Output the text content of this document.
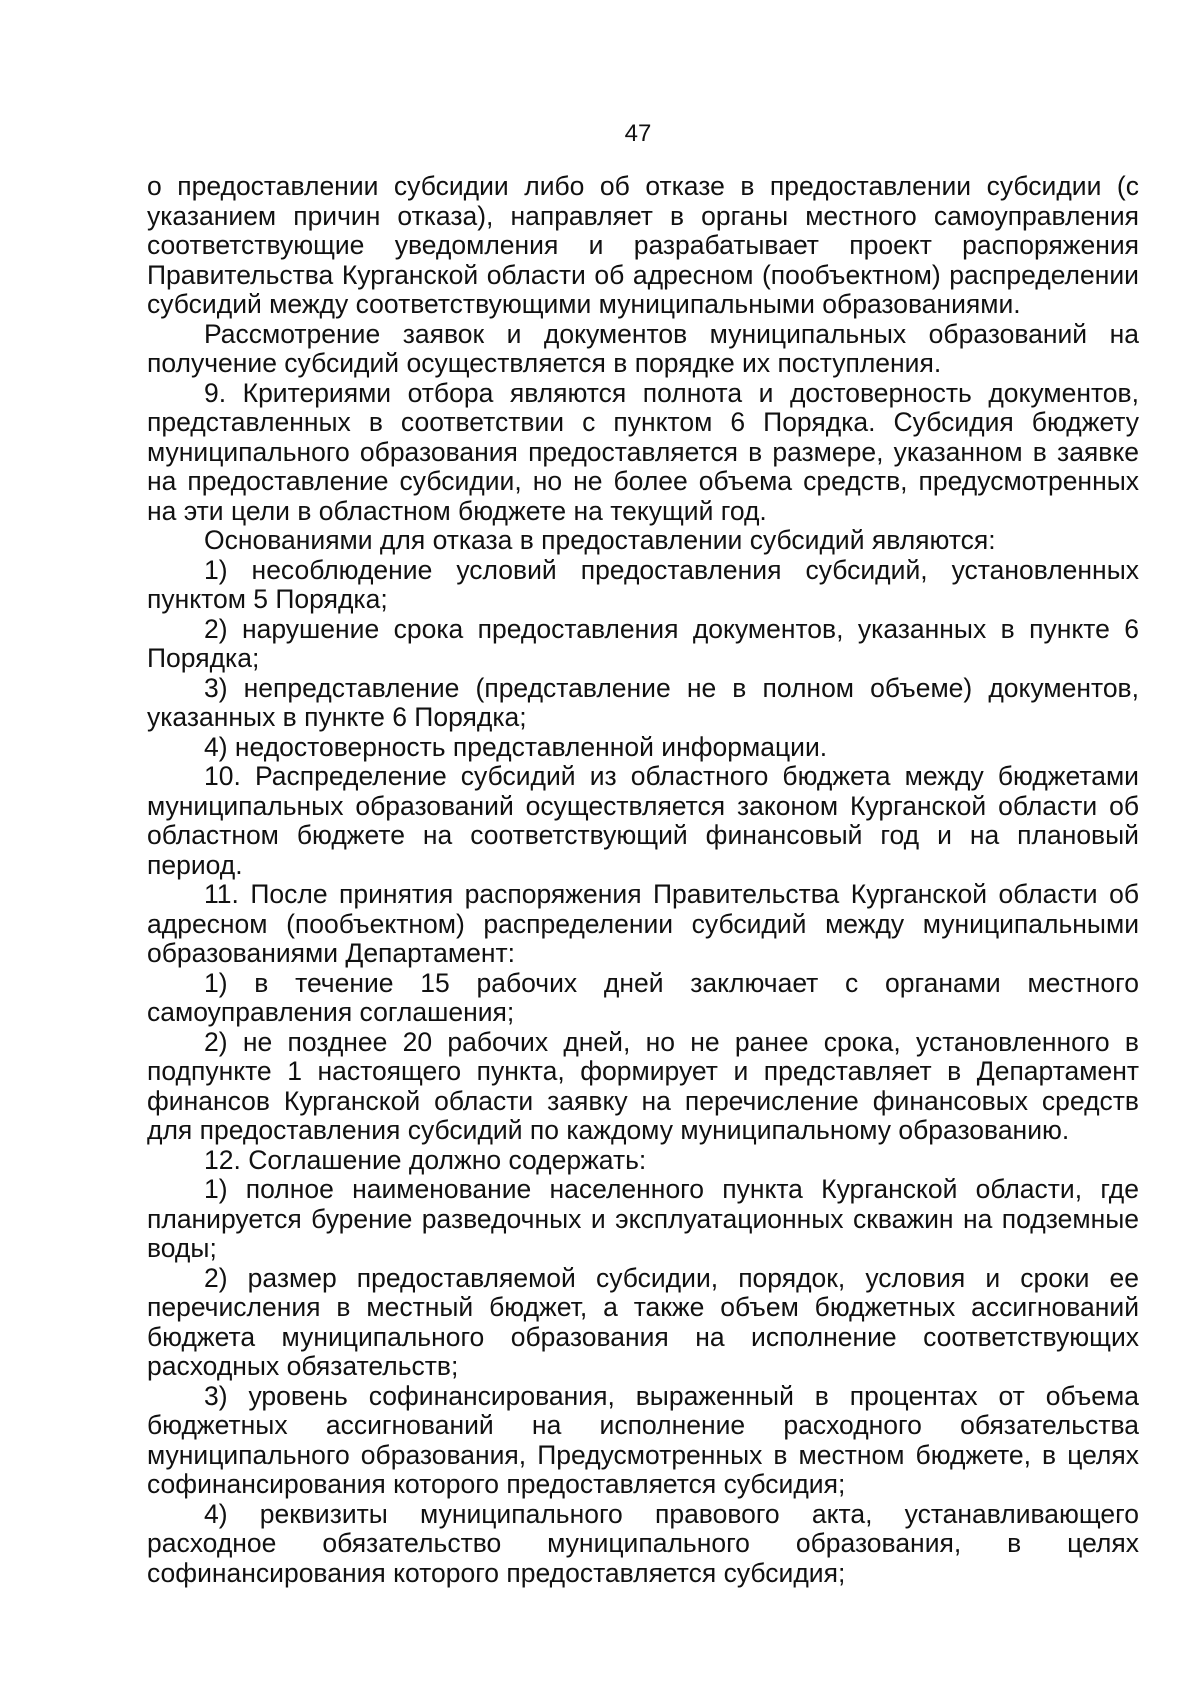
47

о предоставлении субсидии либо об отказе в предоставлении субсидии (с указанием причин отказа), направляет в органы местного самоуправления соответствующие уведомления и разрабатывает проект распоряжения Правительства Курганской области об адресном (пообъектном) распределении субсидий между соответствующими муниципальными образованиями.

Рассмотрение заявок и документов муниципальных образований на получение субсидий осуществляется в порядке их поступления.

9. Критериями отбора являются полнота и достоверность документов, представленных в соответствии с пунктом 6 Порядка. Субсидия бюджету муниципального образования предоставляется в размере, указанном в заявке на предоставление субсидии, но не более объема средств, предусмотренных на эти цели в областном бюджете на текущий год.

Основаниями для отказа в предоставлении субсидий являются:

1) несоблюдение условий предоставления субсидий, установленных пунктом 5 Порядка;

2) нарушение срока предоставления документов, указанных в пункте 6 Порядка;

3) непредставление (представление не в полном объеме) документов, указанных в пункте 6 Порядка;

4) недостоверность представленной информации.

10. Распределение субсидий из областного бюджета между бюджетами муниципальных образований осуществляется законом Курганской области об областном бюджете на соответствующий финансовый год и на плановый период.

11. После принятия распоряжения Правительства Курганской области об адресном (пообъектном) распределении субсидий между муниципальными образованиями Департамент:

1) в течение 15 рабочих дней заключает с органами местного самоуправления соглашения;

2) не позднее 20 рабочих дней, но не ранее срока, установленного в подпункте 1 настоящего пункта, формирует и представляет в Департамент финансов Курганской области заявку на перечисление финансовых средств для предоставления субсидий по каждому муниципальному образованию.

12. Соглашение должно содержать:

1) полное наименование населенного пункта Курганской области, где планируется бурение разведочных и эксплуатационных скважин на подземные воды;

2) размер предоставляемой субсидии, порядок, условия и сроки ее перечисления в местный бюджет, а также объем бюджетных ассигнований бюджета муниципального образования на исполнение соответствующих расходных обязательств;

3) уровень софинансирования, выраженный в процентах от объема бюджетных ассигнований на исполнение расходного обязательства муниципального образования, Предусмотренных в местном бюджете, в целях софинансирования которого предоставляется субсидия;

4) реквизиты муниципального правового акта, устанавливающего расходное обязательство муниципального образования, в целях софинансирования которого предоставляется субсидия;
